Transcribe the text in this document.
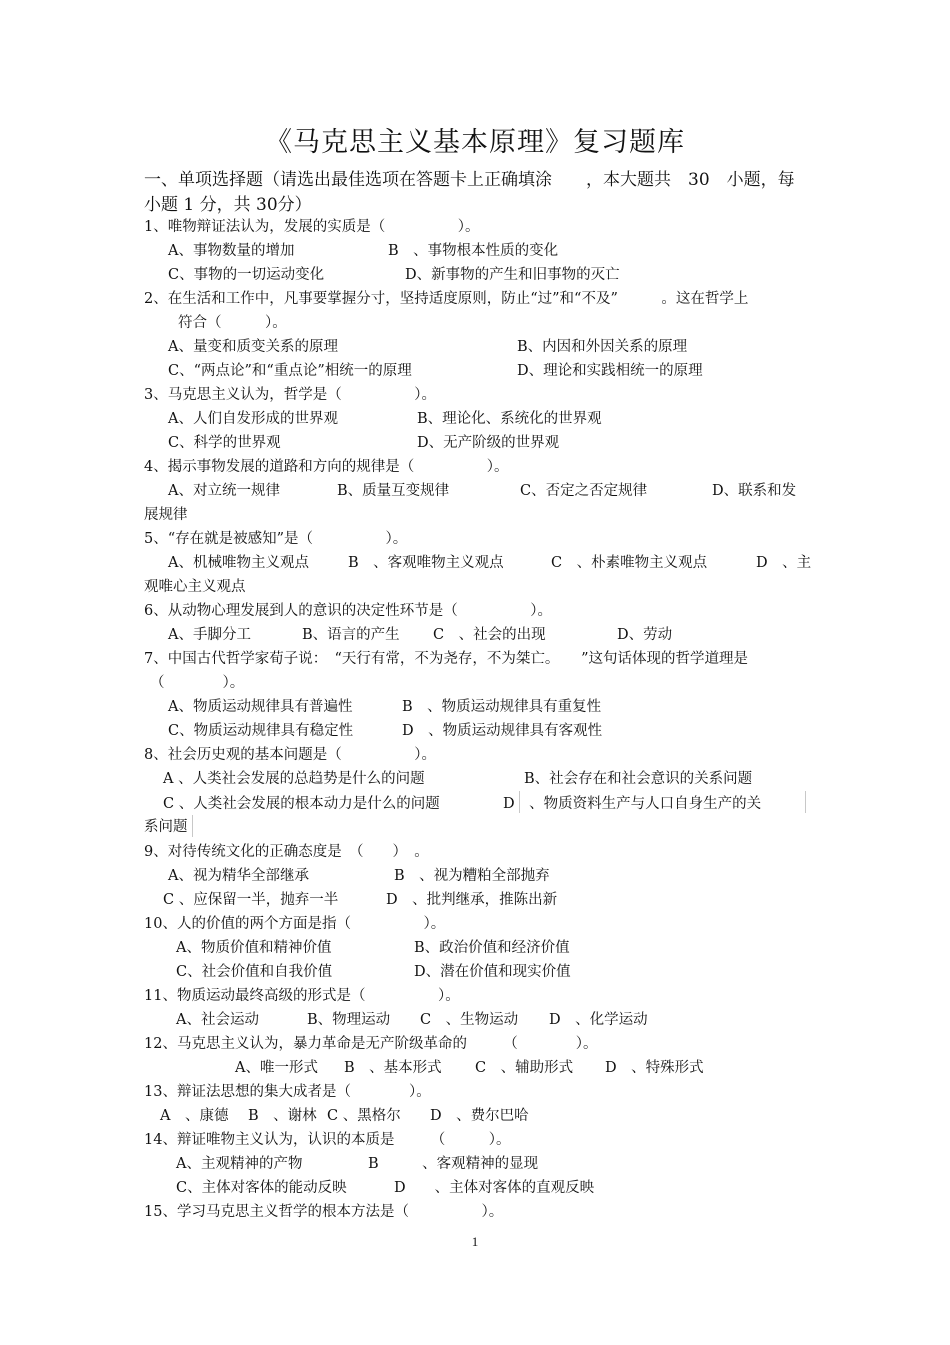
《马克思主义基本原理》复习题库
一、单项选择题（请选出最佳选项在答题卡上正确填涂　　，本大题共　30　小题，每
小题 1 分，共 30分）
1、唯物辩证法认为，发展的实质是（　　　　　）。
A、事物数量的增加	B　、事物根本性质的变化
C、事物的一切运动变化	D、新事物的产生和旧事物的灭亡
2、在生活和工作中，凡事要掌握分寸，坚持适度原则，防止“过”和“不及”　　　。这在哲学上
符合（　　　）。
A、量变和质变关系的原理	B、内因和外因关系的原理
C、“两点论”和“重点论”相统一的原理	D、理论和实践相统一的原理
3、马克思主义认为，哲学是（　　　　　）。
A、人们自发形成的世界观	B、理论化、系统化的世界观
C、科学的世界观	D、无产阶级的世界观
4、揭示事物发展的道路和方向的规律是（　　　　　）。
A、对立统一规律	B、质量互变规律	C、否定之否定规律	D、联系和发
展规律
5、“存在就是被感知”是（　　　　　）。
A、机械唯物主义观点	B　、客观唯物主义观点	C　、朴素唯物主义观点	D　、主
观唯心主义观点
6、从动物心理发展到人的意识的决定性环节是（　　　　　）。
A、手脚分工	B、语言的产生 C　、社会的出现	D、劳动
7、中国古代哲学家荀子说：　“天行有常，不为尧存，不为桀亡。　　”这句话体现的哲学道理是
（　　　　）。
A、物质运动规律具有普遍性	B　、物质运动规律具有重复性
C、物质运动规律具有稳定性	D　、物质运动规律具有客观性
8、社会历史观的基本问题是（　　　　　）。
A 、人类社会发展的总趋势是什么的问题	B、社会存在和社会意识的关系问题
C 、人类社会发展的根本动力是什么的问题	D　、物质资料生产与人口自身生产的关
系问题
9、对待传统文化的正确态度是　（　　）　。
A、视为精华全部继承	B　、视为糟粕全部抛弃
C 、应保留一半，抛弃一半	D　、批判继承，推陈出新
10、人的价值的两个方面是指（　　　　　）。
A、物质价值和精神价值	B、政治价值和经济价值
C、社会价值和自我价值	D、潜在价值和现实价值
11、物质运动最终高级的形式是（　　　　　）。
A、社会运动	B、物理运动 C　、生物运动 D　、化学运动
12、马克思主义认为，暴力革命是无产阶级革命的　　　（　　　　）。
A、唯一形式 B　、基本形式 C　、辅助形式 D　、特殊形式
13、辩证法思想的集大成者是（　　　　）。
A　、康德 B　、谢林 C 、黑格尔 D　、费尔巴哈
14、辩证唯物主义认为，认识的本质是　　　（　　　）。
A、主观精神的产物	B　　　、客观精神的显现
C、主体对客体的能动反映	D　　、主体对客体的直观反映
15、学习马克思主义哲学的根本方法是（　　　　　）。
1
